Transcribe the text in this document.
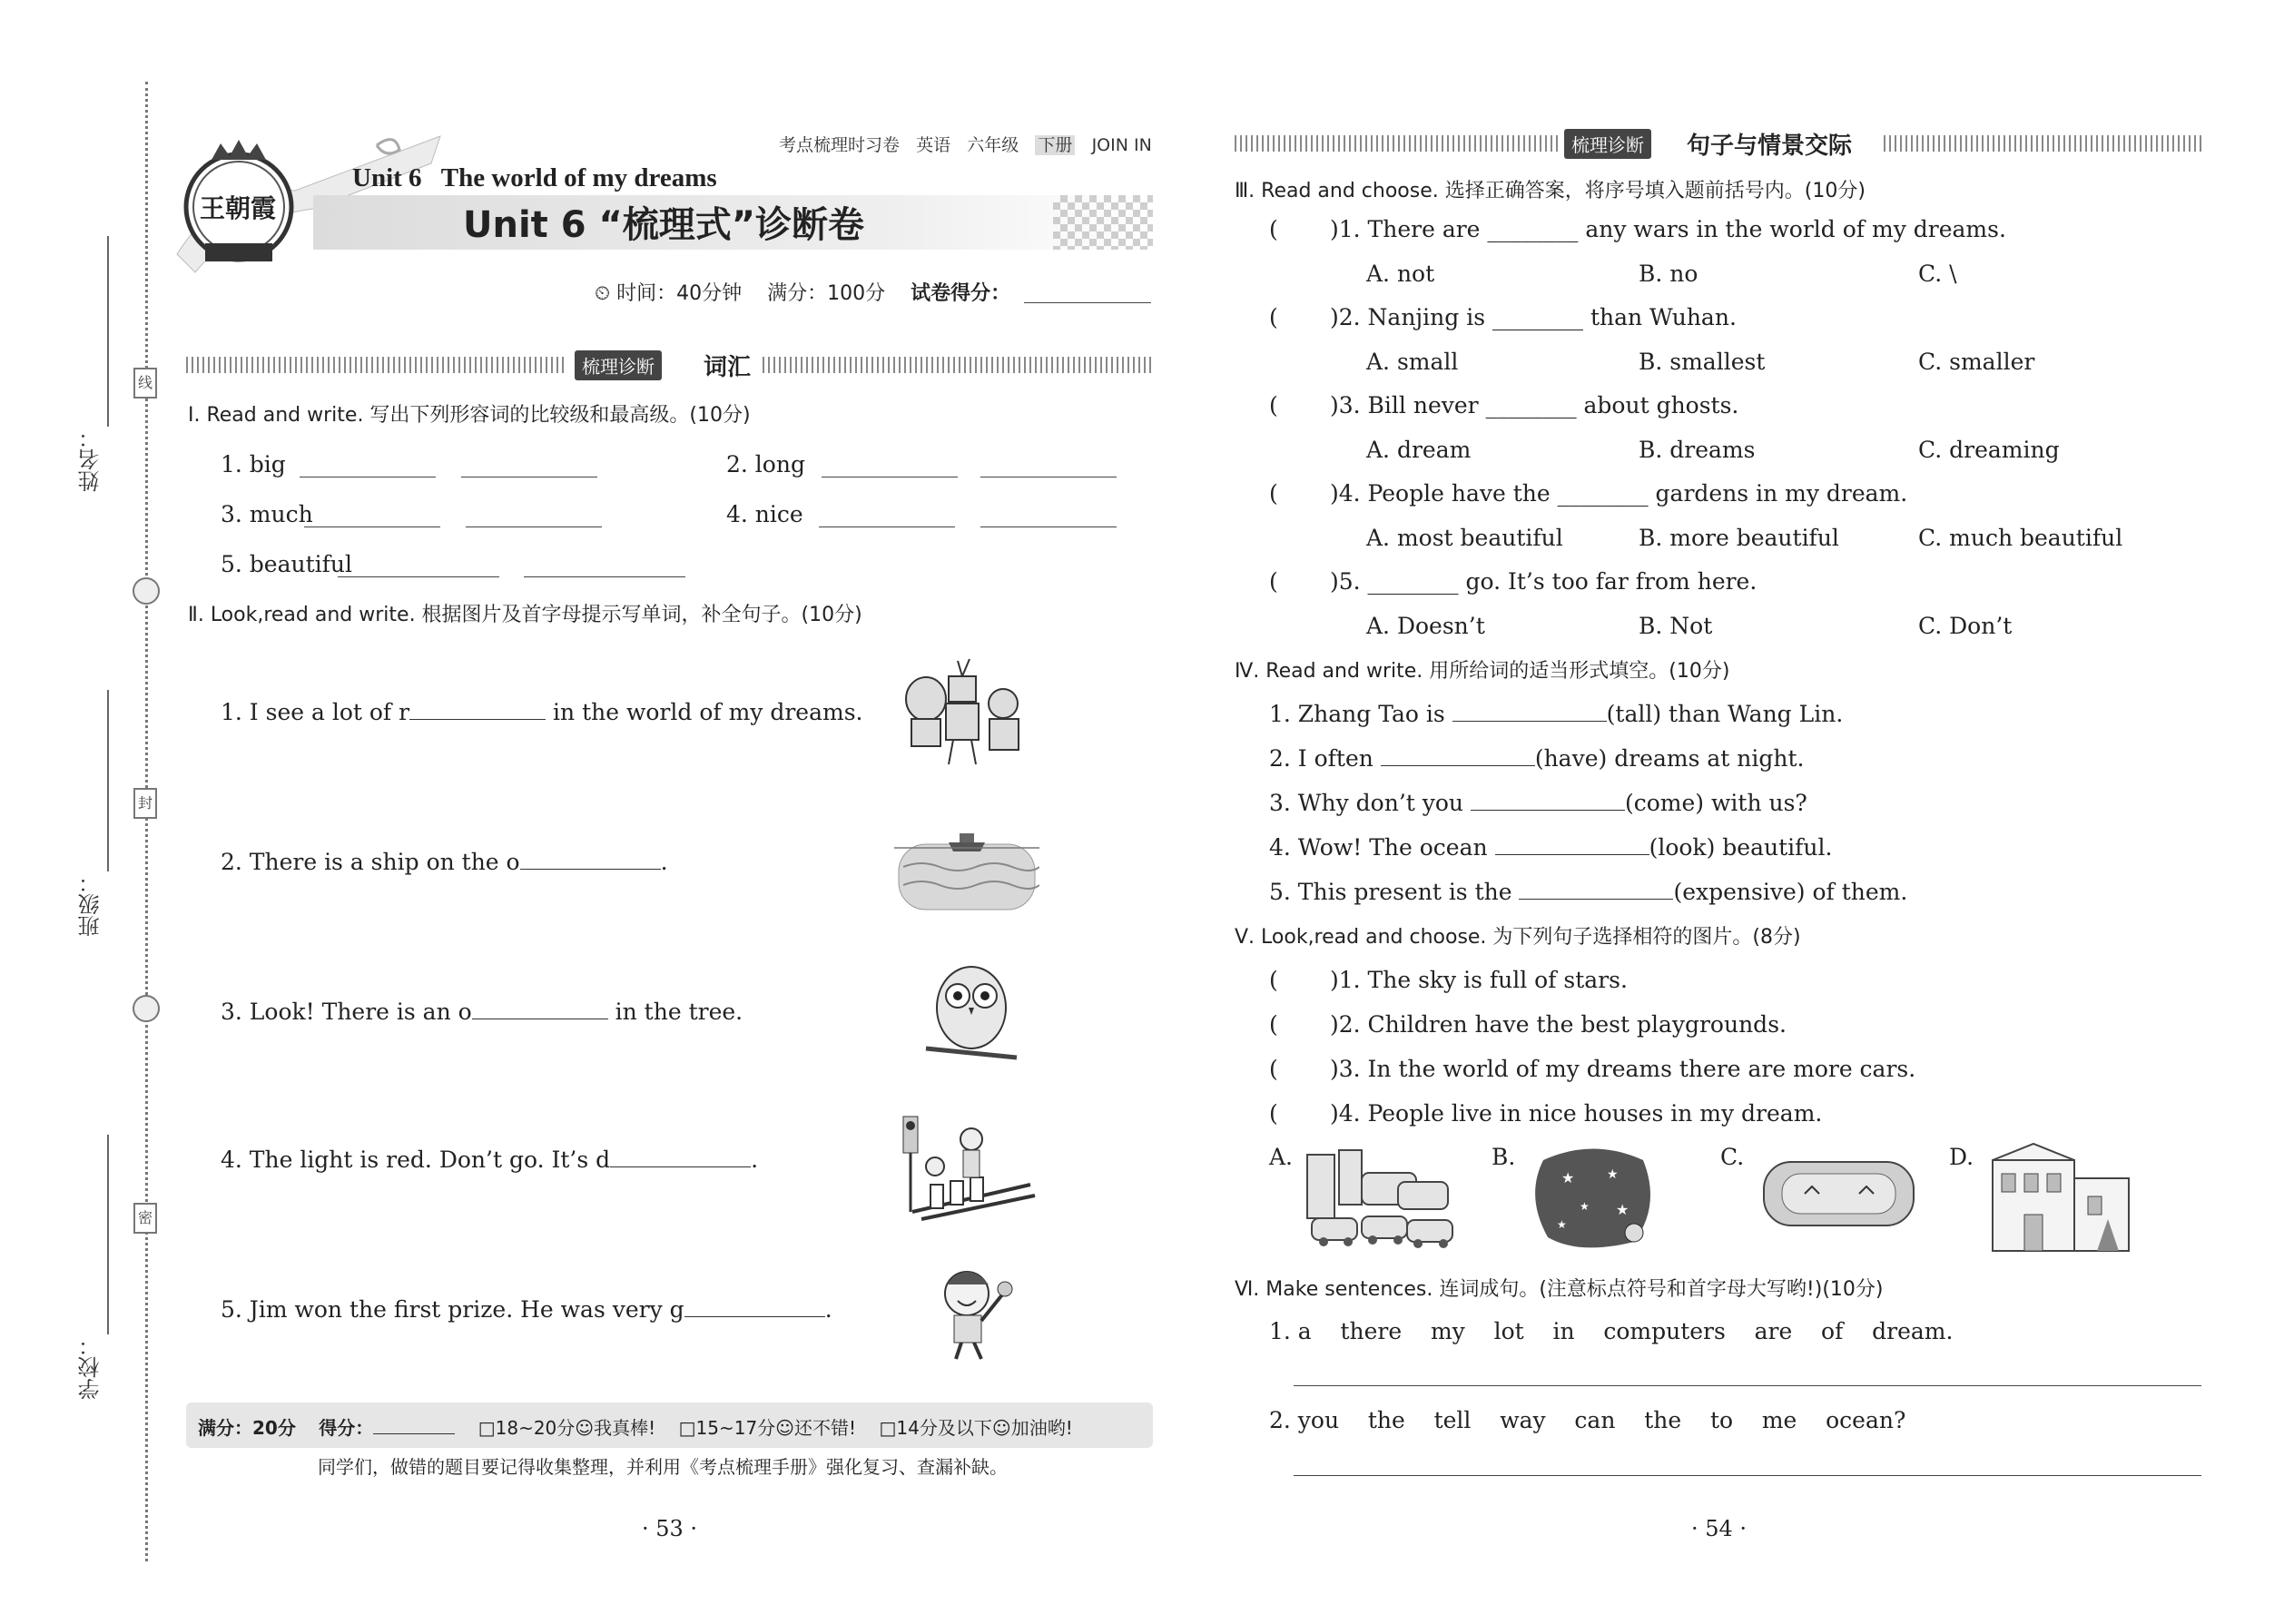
线
封
密
姓名：
班级：
学校：
考点梳理时习卷 英语 六年级 下册 JOIN IN
王朝霞
Unit 6   The world of my dreams
Unit 6 “梳理式”诊断卷
⏲ 时间：40分钟 满分：100分 试卷得分：
梳理诊断	词汇
Ⅰ. Read and write. 写出下列形容词的比较级和最高级。(10分)
1. big	2. long
3. much	4. nice
5. beautiful
Ⅱ. Look,read and write. 根据图片及首字母提示写单词，补全句子。(10分)
1. I see a lot of r	in the world of my dreams.
2. There is a ship on the o	.
3. Look! There is an o	in the tree.
4. The light is red. Don’t go. It’s d	.
5. Jim won the first prize. He was very g	.
满分：20分 得分：	□18~20分☺我真棒! □15~17分☺还不错! □14分及以下☺加油哟!
同学们，做错的题目要记得收集整理，并利用《考点梳理手册》强化复习、查漏补缺。
· 53 ·
梳理诊断	句子与情景交际
Ⅲ. Read and choose. 选择正确答案，将序号填入题前括号内。(10分)
( )1. There are ________ any wars in the world of my dreams.
A. not	B. no	C. \
( )2. Nanjing is ________ than Wuhan.
A. small	B. smallest	C. smaller
( )3. Bill never ________ about ghosts.
A. dream	B. dreams	C. dreaming
( )4. People have the ________ gardens in my dream.
A. most beautiful	B. more beautiful	C. much beautiful
( )5. ________ go. It’s too far from here.
A. Doesn’t	B. Not	C. Don’t
Ⅳ. Read and write. 用所给词的适当形式填空。(10分)
1. Zhang Tao is	(tall) than Wang Lin.
2. I often	(have) dreams at night.
3. Why don’t you	(come) with us?
4. Wow! The ocean	(look) beautiful.
5. This present is the	(expensive) of them.
Ⅴ. Look,read and choose. 为下列句子选择相符的图片。(8分)
( )1. The sky is full of stars.
( )2. Children have the best playgrounds.
( )3. In the world of my dreams there are more cars.
( )4. People live in nice houses in my dream.
A.	B.
★	★
★ ★
★
C.	D.
Ⅵ. Make sentences. 连词成句。(注意标点符号和首字母大写哟!)(10分)
1. a    there    my    lot    in    computers    are    of    dream.
2. you    the    tell    way    can    the    to    me    ocean?
· 54 ·
